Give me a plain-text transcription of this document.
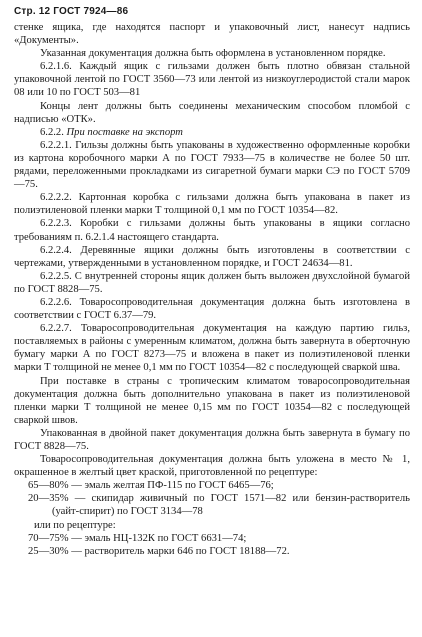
Стр. 12 ГОСТ 7924—86

стенке ящика, где находятся паспорт и упаковочный лист, нанесут надпись «Документы».

Указанная документация должна быть оформлена в установленном порядке.

6.2.1.6. Каждый ящик с гильзами должен быть плотно обвязан стальной упаковочной лентой по ГОСТ 3560—73 или лентой из низкоуглеродистой стали марок 08 или 10 по ГОСТ 503—81

Концы лент должны быть соединены механическим способом пломбой с надписью «ОТК».

6.2.2. При поставке на экспорт

6.2.2.1. Гильзы должны быть упакованы в художественно оформленные коробки из картона коробочного марки А по ГОСТ 7933—75 в количестве не более 50 шт. рядами, переложенными прокладками из сигаретной бумаги марки СЭ по ГОСТ 5709—75.

6.2.2.2. Картонная коробка с гильзами должна быть упакована в пакет из полиэтиленовой пленки марки Т толщиной 0,1 мм по ГОСТ 10354—82.

6.2.2.3. Коробки с гильзами должны быть упакованы в ящики согласно требованиям п. 6.2.1.4 настоящего стандарта.

6.2.2.4. Деревянные ящики должны быть изготовлены в соответствии с чертежами, утвержденными в установленном порядке, и ГОСТ 24634—81.

6.2.2.5. С внутренней стороны ящик должен быть выложен двухслойной бумагой по ГОСТ 8828—75.

6.2.2.6. Товаросопроводительная документация должна быть изготовлена в соответствии с ГОСТ 6.37—79.

6.2.2.7. Товаросопроводительная документация на каждую партию гильз, поставляемых в районы с умеренным климатом, должна быть завернута в оберточную бумагу марки А по ГОСТ 8273—75 и вложена в пакет из полиэтиленовой пленки марки Т толщиной не менее 0,1 мм по ГОСТ 10354—82 с последующей сваркой шва.

При поставке в страны с тропическим климатом товаросопроводительная документация должна быть дополнительно упакована в пакет из полиэтиленовой пленки марки Т толщиной не менее 0,15 мм по ГОСТ 10354—82 с последующей сваркой швов.

Упакованная в двойной пакет документация должна быть завернута в бумагу по ГОСТ 8828—75.

Товаросопроводительная документация должна быть уложена в место № 1, окрашенное в желтый цвет краской, приготовленной по рецептуре:

65—80% — эмаль желтая ПФ-115 по ГОСТ 6465—76;

20—35% — скипидар живичный по ГОСТ 1571—82 или бензин-растворитель (уайт-спирит) по ГОСТ 3134—78

или по рецептуре:

70—75% — эмаль НЦ-132К по ГОСТ 6631—74;

25—30% — растворитель марки 646 по ГОСТ 18188—72.
